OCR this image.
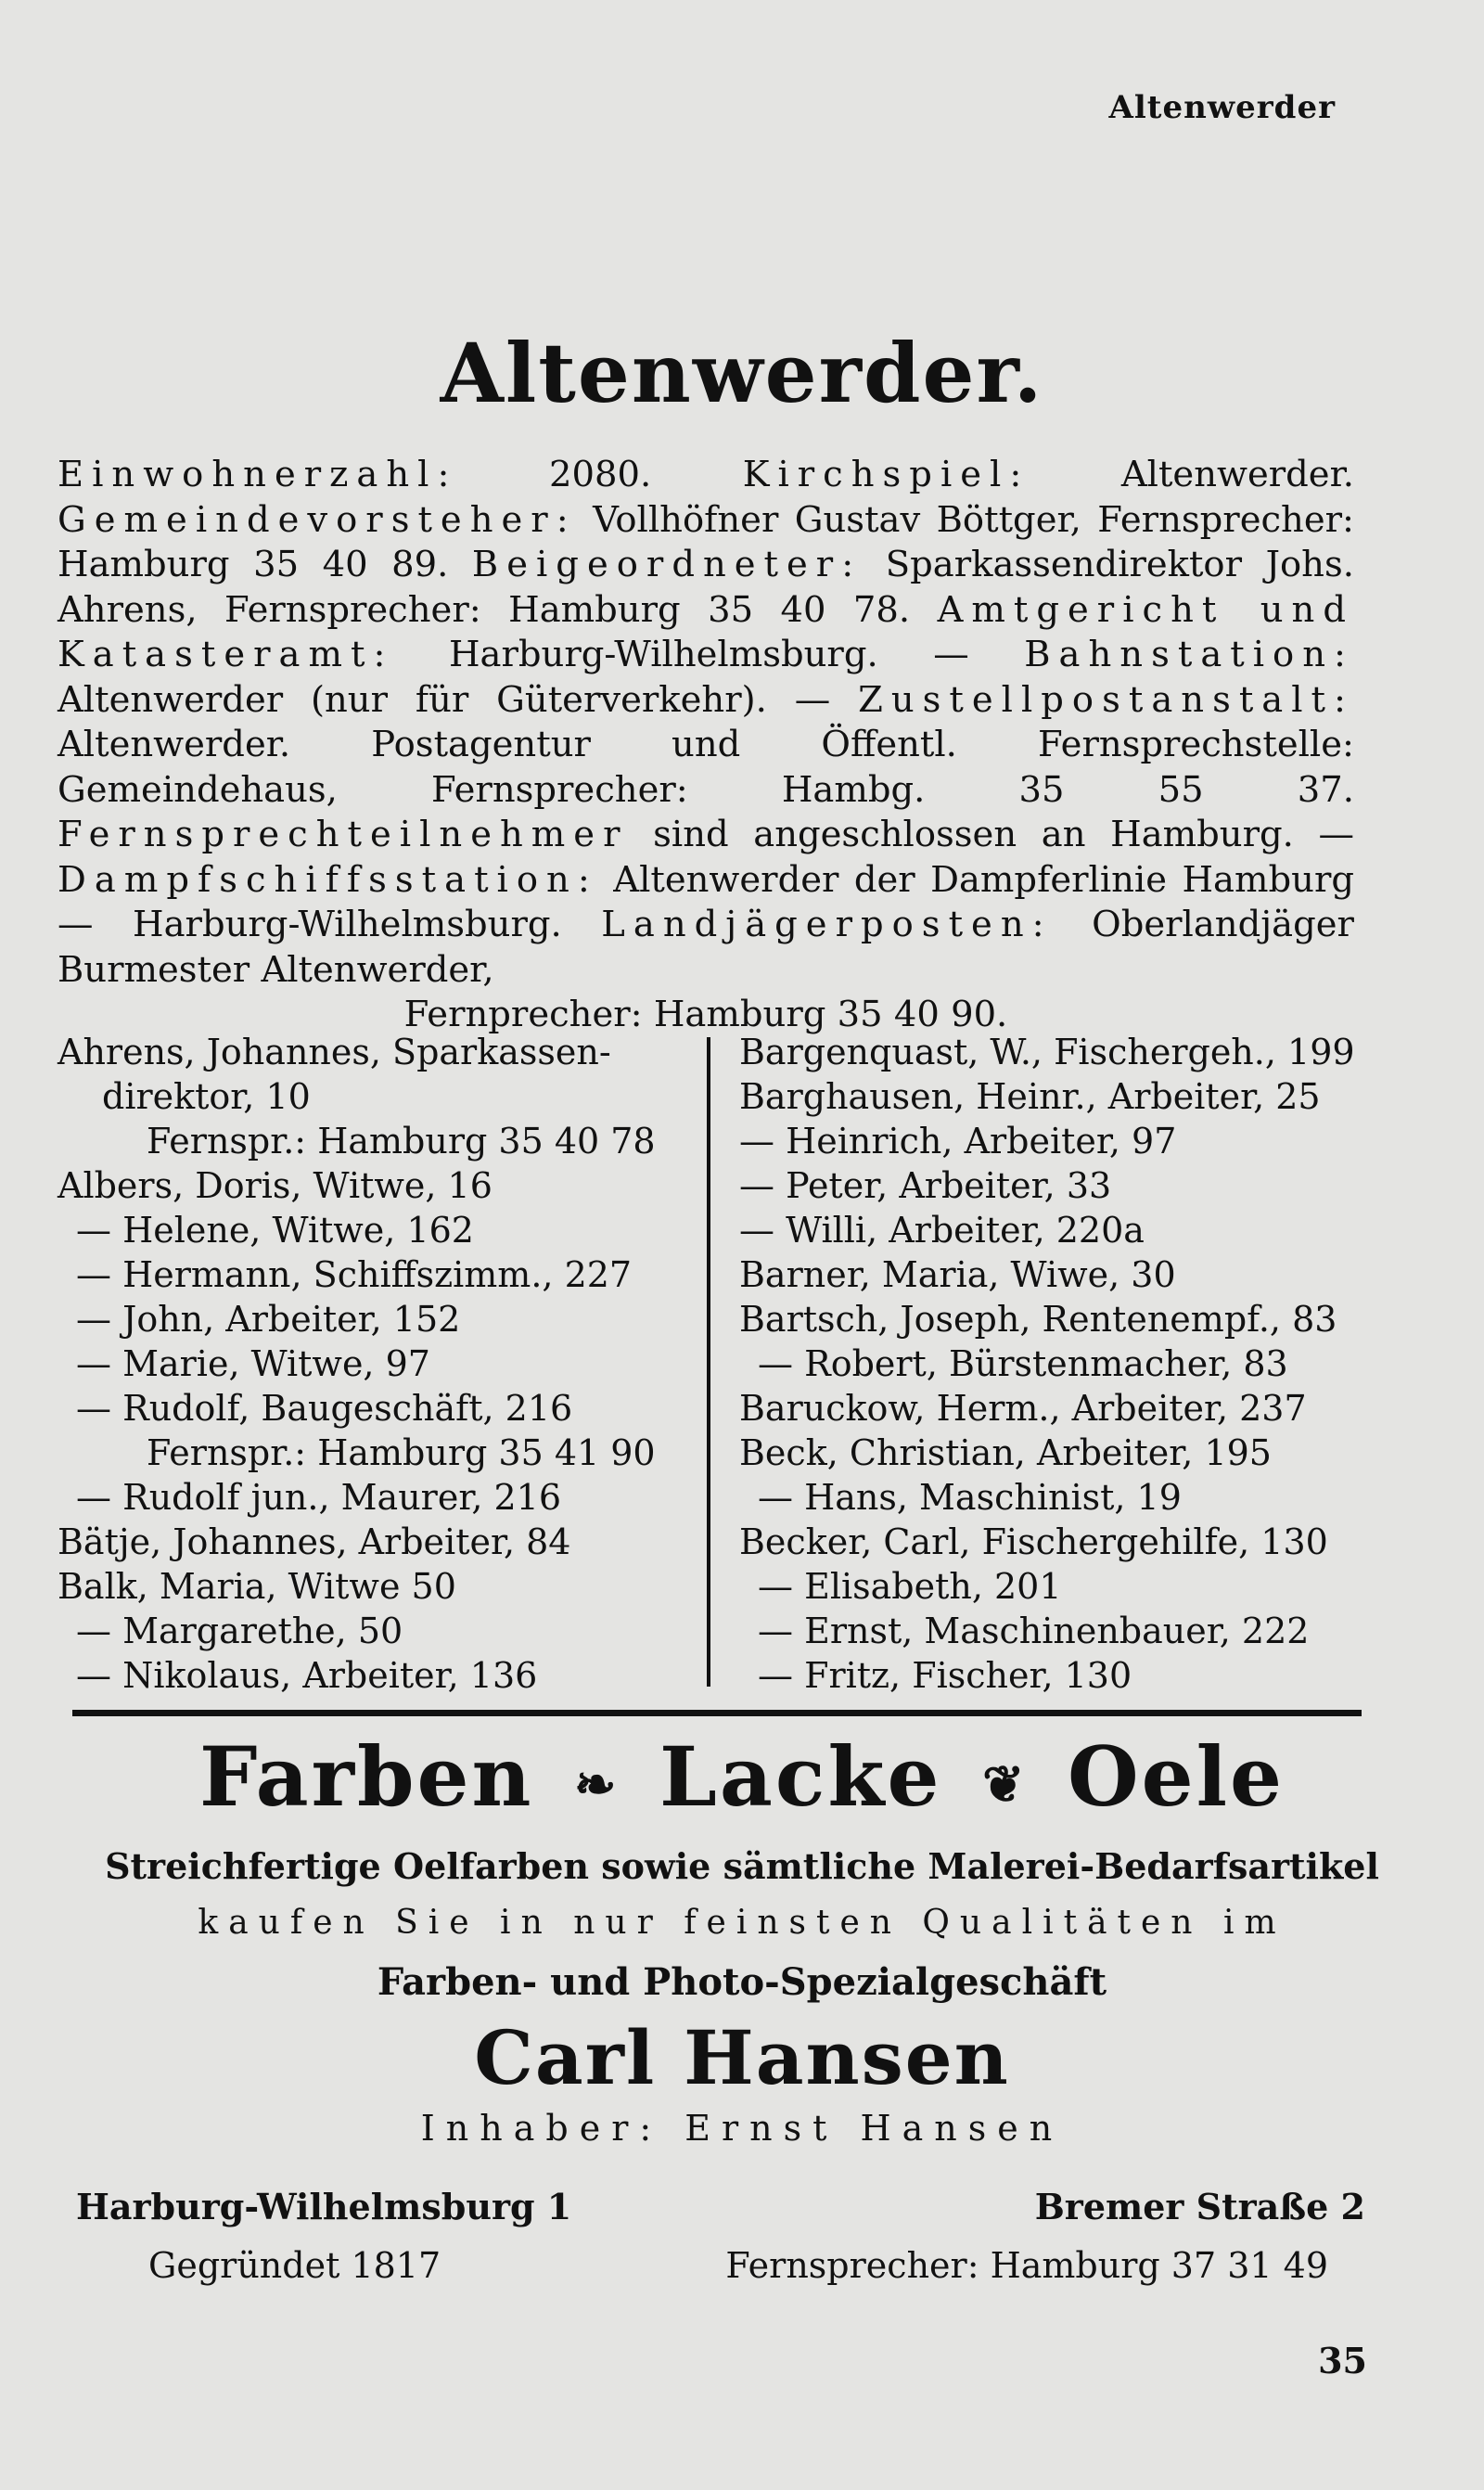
Altenwerder
Altenwerder.
Einwohnerzahl:	2080.	Kirchspiel:	Altenwerder. Gemeindevorsteher: Vollhöfner Gustav Böttger, Fernsprecher: Hamburg 35 40 89. Beigeordneter: Sparkassendirektor Johs. Ahrens, Fernsprecher: Hamburg 35 40 78. Amtgericht und Katasteramt: Harburg-Wilhelmsburg. — Bahnstation: Altenwerder (nur für Güterverkehr). — Zustellpostanstalt: Altenwerder. Postagentur und Öffentl. Fernsprechstelle: Gemeindehaus, Fernsprecher: Hambg. 35 55 37. Fernsprechteilnehmer sind angeschlossen an Hamburg. — Dampfschiffsstation: Altenwerder der Dampferlinie Hamburg — Harburg-Wilhelmsburg. Landjägerposten: Oberlandjäger Burmester Altenwerder,
Fernprecher: Hamburg 35 40 90.
Ahrens, Johannes, Sparkassen-
direktor, 10
Fernspr.: Hamburg 35 40 78
Albers, Doris, Witwe, 16
— Helene, Witwe, 162
— Hermann, Schiffszimm., 227
— John, Arbeiter, 152
— Marie, Witwe, 97
— Rudolf, Baugeschäft, 216
Fernspr.: Hamburg 35 41 90
— Rudolf jun., Maurer, 216
Bätje, Johannes, Arbeiter, 84
Balk, Maria, Witwe 50
— Margarethe, 50
— Nikolaus, Arbeiter, 136
Bargenquast, W., Fischergeh., 199
Barghausen, Heinr., Arbeiter, 25
— Heinrich, Arbeiter, 97
— Peter, Arbeiter, 33
— Willi, Arbeiter, 220a
Barner, Maria, Wiwe, 30
Bartsch, Joseph, Rentenempf., 83
— Robert, Bürstenmacher, 83
Baruckow, Herm., Arbeiter, 237
Beck, Christian, Arbeiter, 195
— Hans, Maschinist, 19
Becker, Carl, Fischergehilfe, 130
— Elisabeth, 201
— Ernst, Maschinenbauer, 222
— Fritz, Fischer, 130
Farben ❧ Lacke ❦ Oele
Streichfertige Oelfarben sowie sämtliche Malerei-Bedarfsartikel
kaufen Sie in nur feinsten Qualitäten im
Farben- und Photo-Spezialgeschäft
Carl Hansen
Inhaber: Ernst Hansen
Harburg-Wilhelmsburg 1	Bremer Straße 2
Gegründet 1817	Fernsprecher: Hamburg 37 31 49
35
